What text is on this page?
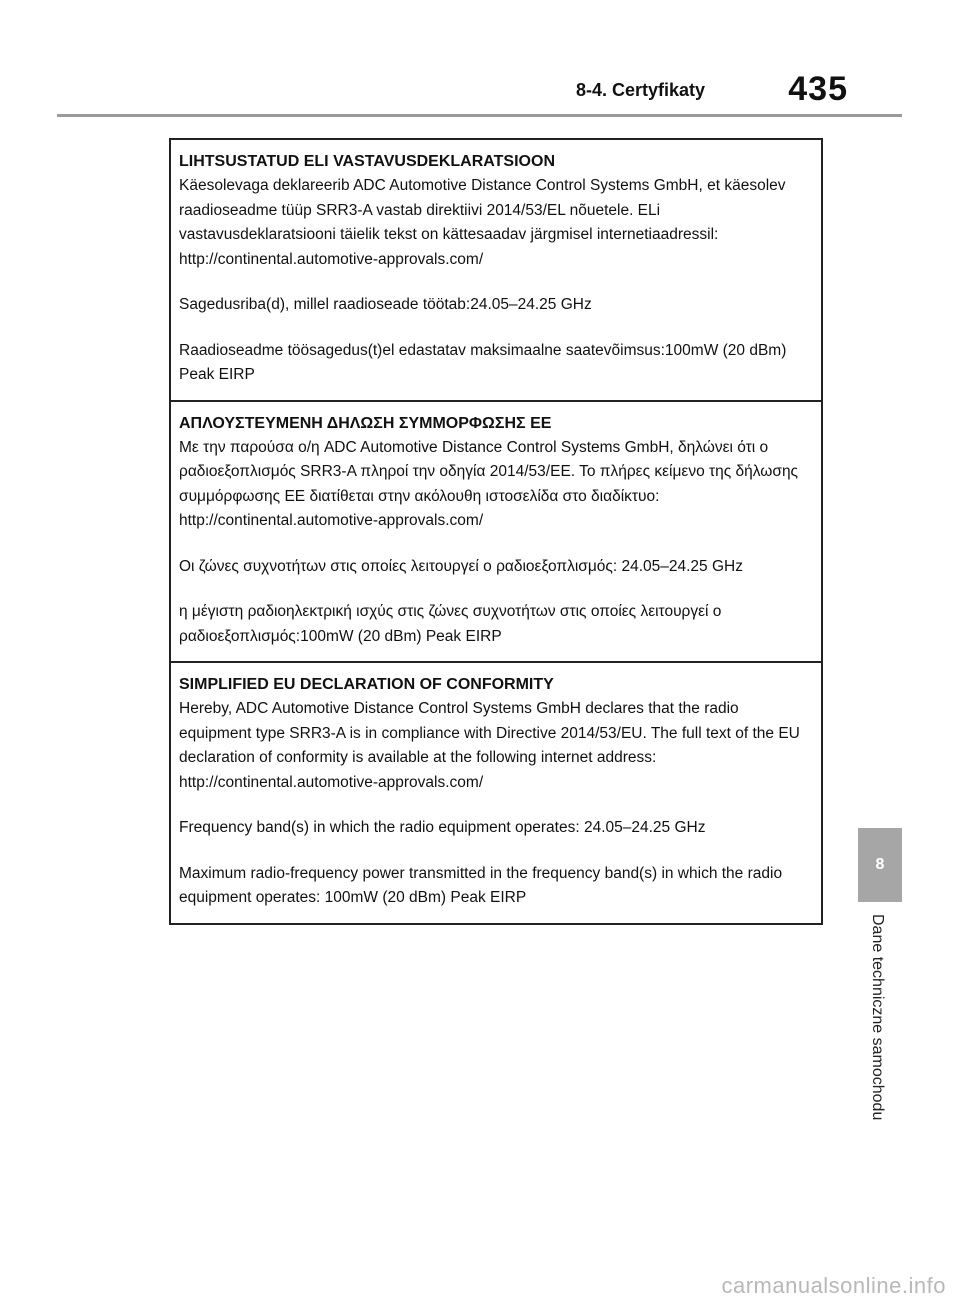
8-4. Certyfikaty 435
LIHTSUSTATUD ELI VASTAVUSDEKLARATSIOON

Käesolevaga deklareerib ADC Automotive Distance Control Systems GmbH, et käesolev raadioseadme tüüp SRR3-A vastab direktiivi 2014/53/EL nõuetele. ELi vastavusdeklaratsiooni täielik tekst on kättesaadav järgmisel internetiaadressil:

http://continental.automotive-approvals.com/

Sagedusriba(d), millel raadioseade töötab:24.05–24.25 GHz

Raadioseadme töösagedus(t)el edastatav maksimaalne saatevõimsus:100mW (20 dBm) Peak EIRP

ΑΠΛΟΥΣΤΕΥΜΕΝΗ ΔΗΛΩΣΗ ΣΥΜΜΟΡΦΩΣΗΣ ΕΕ

Με την παρούσα ο/η ADC Automotive Distance Control Systems GmbH, δηλώνει ότι ο ραδιοεξοπλισμός SRR3-A πληροί την οδηγία 2014/53/ΕΕ. Το πλήρες κείμενο της δήλωσης συμμόρφωσης ΕΕ διατίθεται στην ακόλουθη ιστοσελίδα στο διαδίκτυο:

http://continental.automotive-approvals.com/

Οι ζώνες συχνοτήτων στις οποίες λειτουργεί ο ραδιοεξοπλισμός: 24.05–24.25 GHz

η μέγιστη ραδιοηλεκτρική ισχύς στις ζώνες συχνοτήτων στις οποίες λειτουργεί ο ραδιοεξοπλισμός:100mW (20 dBm) Peak EIRP

SIMPLIFIED EU DECLARATION OF CONFORMITY

Hereby, ADC Automotive Distance Control Systems GmbH declares that the radio equipment type SRR3-A is in compliance with Directive 2014/53/EU. The full text of the EU declaration of conformity is available at the following internet address:

http://continental.automotive-approvals.com/

Frequency band(s) in which the radio equipment operates: 24.05–24.25 GHz

Maximum radio-frequency power transmitted in the frequency band(s) in which the radio equipment operates: 100mW (20 dBm) Peak EIRP

8
Dane techniczne samochodu
carmanualsonline.info
